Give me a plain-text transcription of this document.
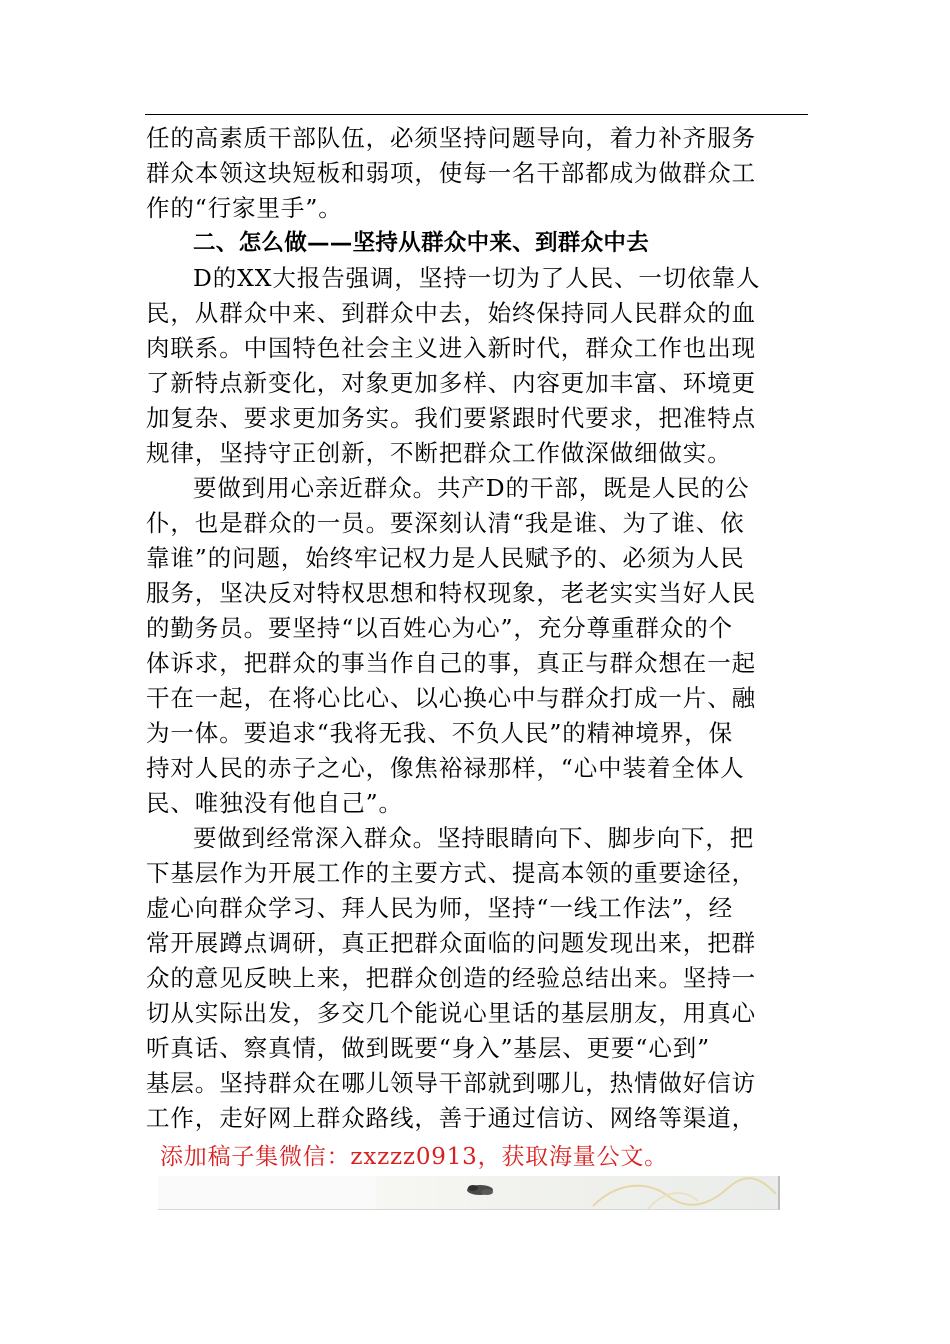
任的高素质干部队伍，必须坚持问题导向，着力补齐服务
群众本领这块短板和弱项，使每一名干部都成为做群众工
作的“行家里手”。
二、怎么做——坚持从群众中来、到群众中去
D的XX大报告强调，坚持一切为了人民、一切依靠人
民，从群众中来、到群众中去，始终保持同人民群众的血
肉联系。中国特色社会主义进入新时代，群众工作也出现
了新特点新变化，对象更加多样、内容更加丰富、环境更
加复杂、要求更加务实。我们要紧跟时代要求，把准特点
规律，坚持守正创新，不断把群众工作做深做细做实。
要做到用心亲近群众。共产D的干部，既是人民的公
仆，也是群众的一员。要深刻认清“我是谁、为了谁、依
靠谁”的问题，始终牢记权力是人民赋予的、必须为人民
服务，坚决反对特权思想和特权现象，老老实实当好人民
的勤务员。要坚持“以百姓心为心”，充分尊重群众的个
体诉求，把群众的事当作自己的事，真正与群众想在一起
干在一起，在将心比心、以心换心中与群众打成一片、融
为一体。要追求“我将无我、不负人民”的精神境界，保
持对人民的赤子之心，像焦裕禄那样，“心中装着全体人
民、唯独没有他自己”。
要做到经常深入群众。坚持眼睛向下、脚步向下，把
下基层作为开展工作的主要方式、提高本领的重要途径，
虚心向群众学习、拜人民为师，坚持“一线工作法”，经
常开展蹲点调研，真正把群众面临的问题发现出来，把群
众的意见反映上来，把群众创造的经验总结出来。坚持一
切从实际出发，多交几个能说心里话的基层朋友，用真心
听真话、察真情，做到既要“身入”基层、更要“心到”
基层。坚持群众在哪儿领导干部就到哪儿，热情做好信访
工作，走好网上群众路线，善于通过信访、网络等渠道，
添加稿子集微信：zxzzz0913，获取海量公文。
